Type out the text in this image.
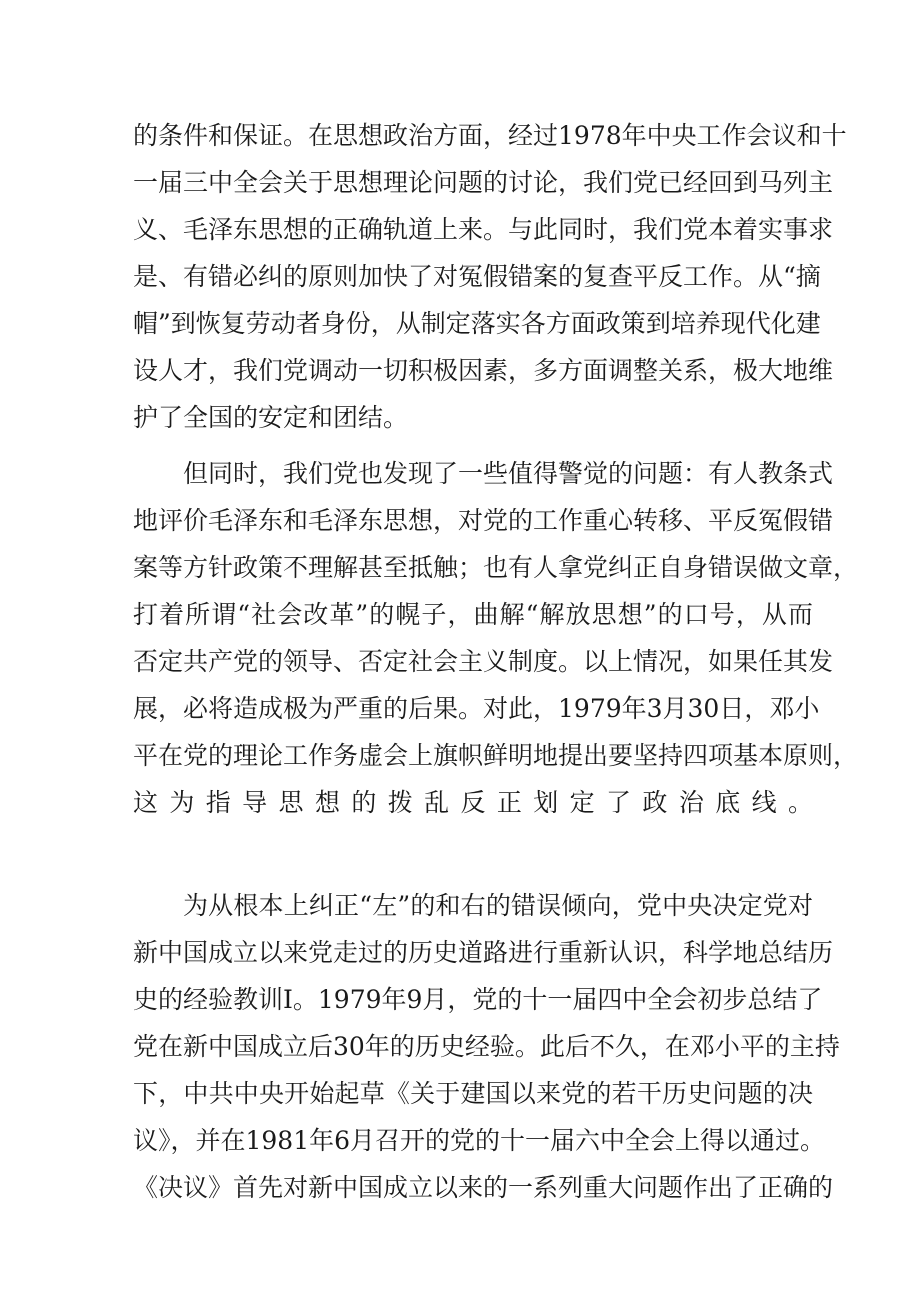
的条件和保证。在思想政治方面，经过1978年中央工作会议和十
一届三中全会关于思想理论问题的讨论，我们党已经回到马列主
义、毛泽东思想的正确轨道上来。与此同时，我们党本着实事求
是、有错必纠的原则加快了对冤假错案的复查平反工作。从“摘
帽”到恢复劳动者身份，从制定落实各方面政策到培养现代化建
设人才，我们党调动一切积极因素，多方面调整关系，极大地维
护了全国的安定和团结。
但同时，我们党也发现了一些值得警觉的问题：有人教条式
地评价毛泽东和毛泽东思想，对党的工作重心转移、平反冤假错
案等方针政策不理解甚至抵触；也有人拿党纠正自身错误做文章，
打着所谓“社会改革”的幌子，曲解“解放思想”的口号，从而
否定共产党的领导、否定社会主义制度。以上情况，如果任其发
展，必将造成极为严重的后果。对此，1979年3月30日，邓小
平在党的理论工作务虚会上旗帜鲜明地提出要坚持四项基本原则，
这为指导思想的拨乱反正划定了政治底线。
为从根本上纠正“左”的和右的错误倾向，党中央决定党对
新中国成立以来党走过的历史道路进行重新认识，科学地总结历
史的经验教训I。1979年9月，党的十一届四中全会初步总结了
党在新中国成立后30年的历史经验。此后不久，在邓小平的主持
下，中共中央开始起草《关于建国以来党的若干历史问题的决
议》，并在1981年6月召开的党的十一届六中全会上得以通过。
《决议》首先对新中国成立以来的一系列重大问题作出了正确的
